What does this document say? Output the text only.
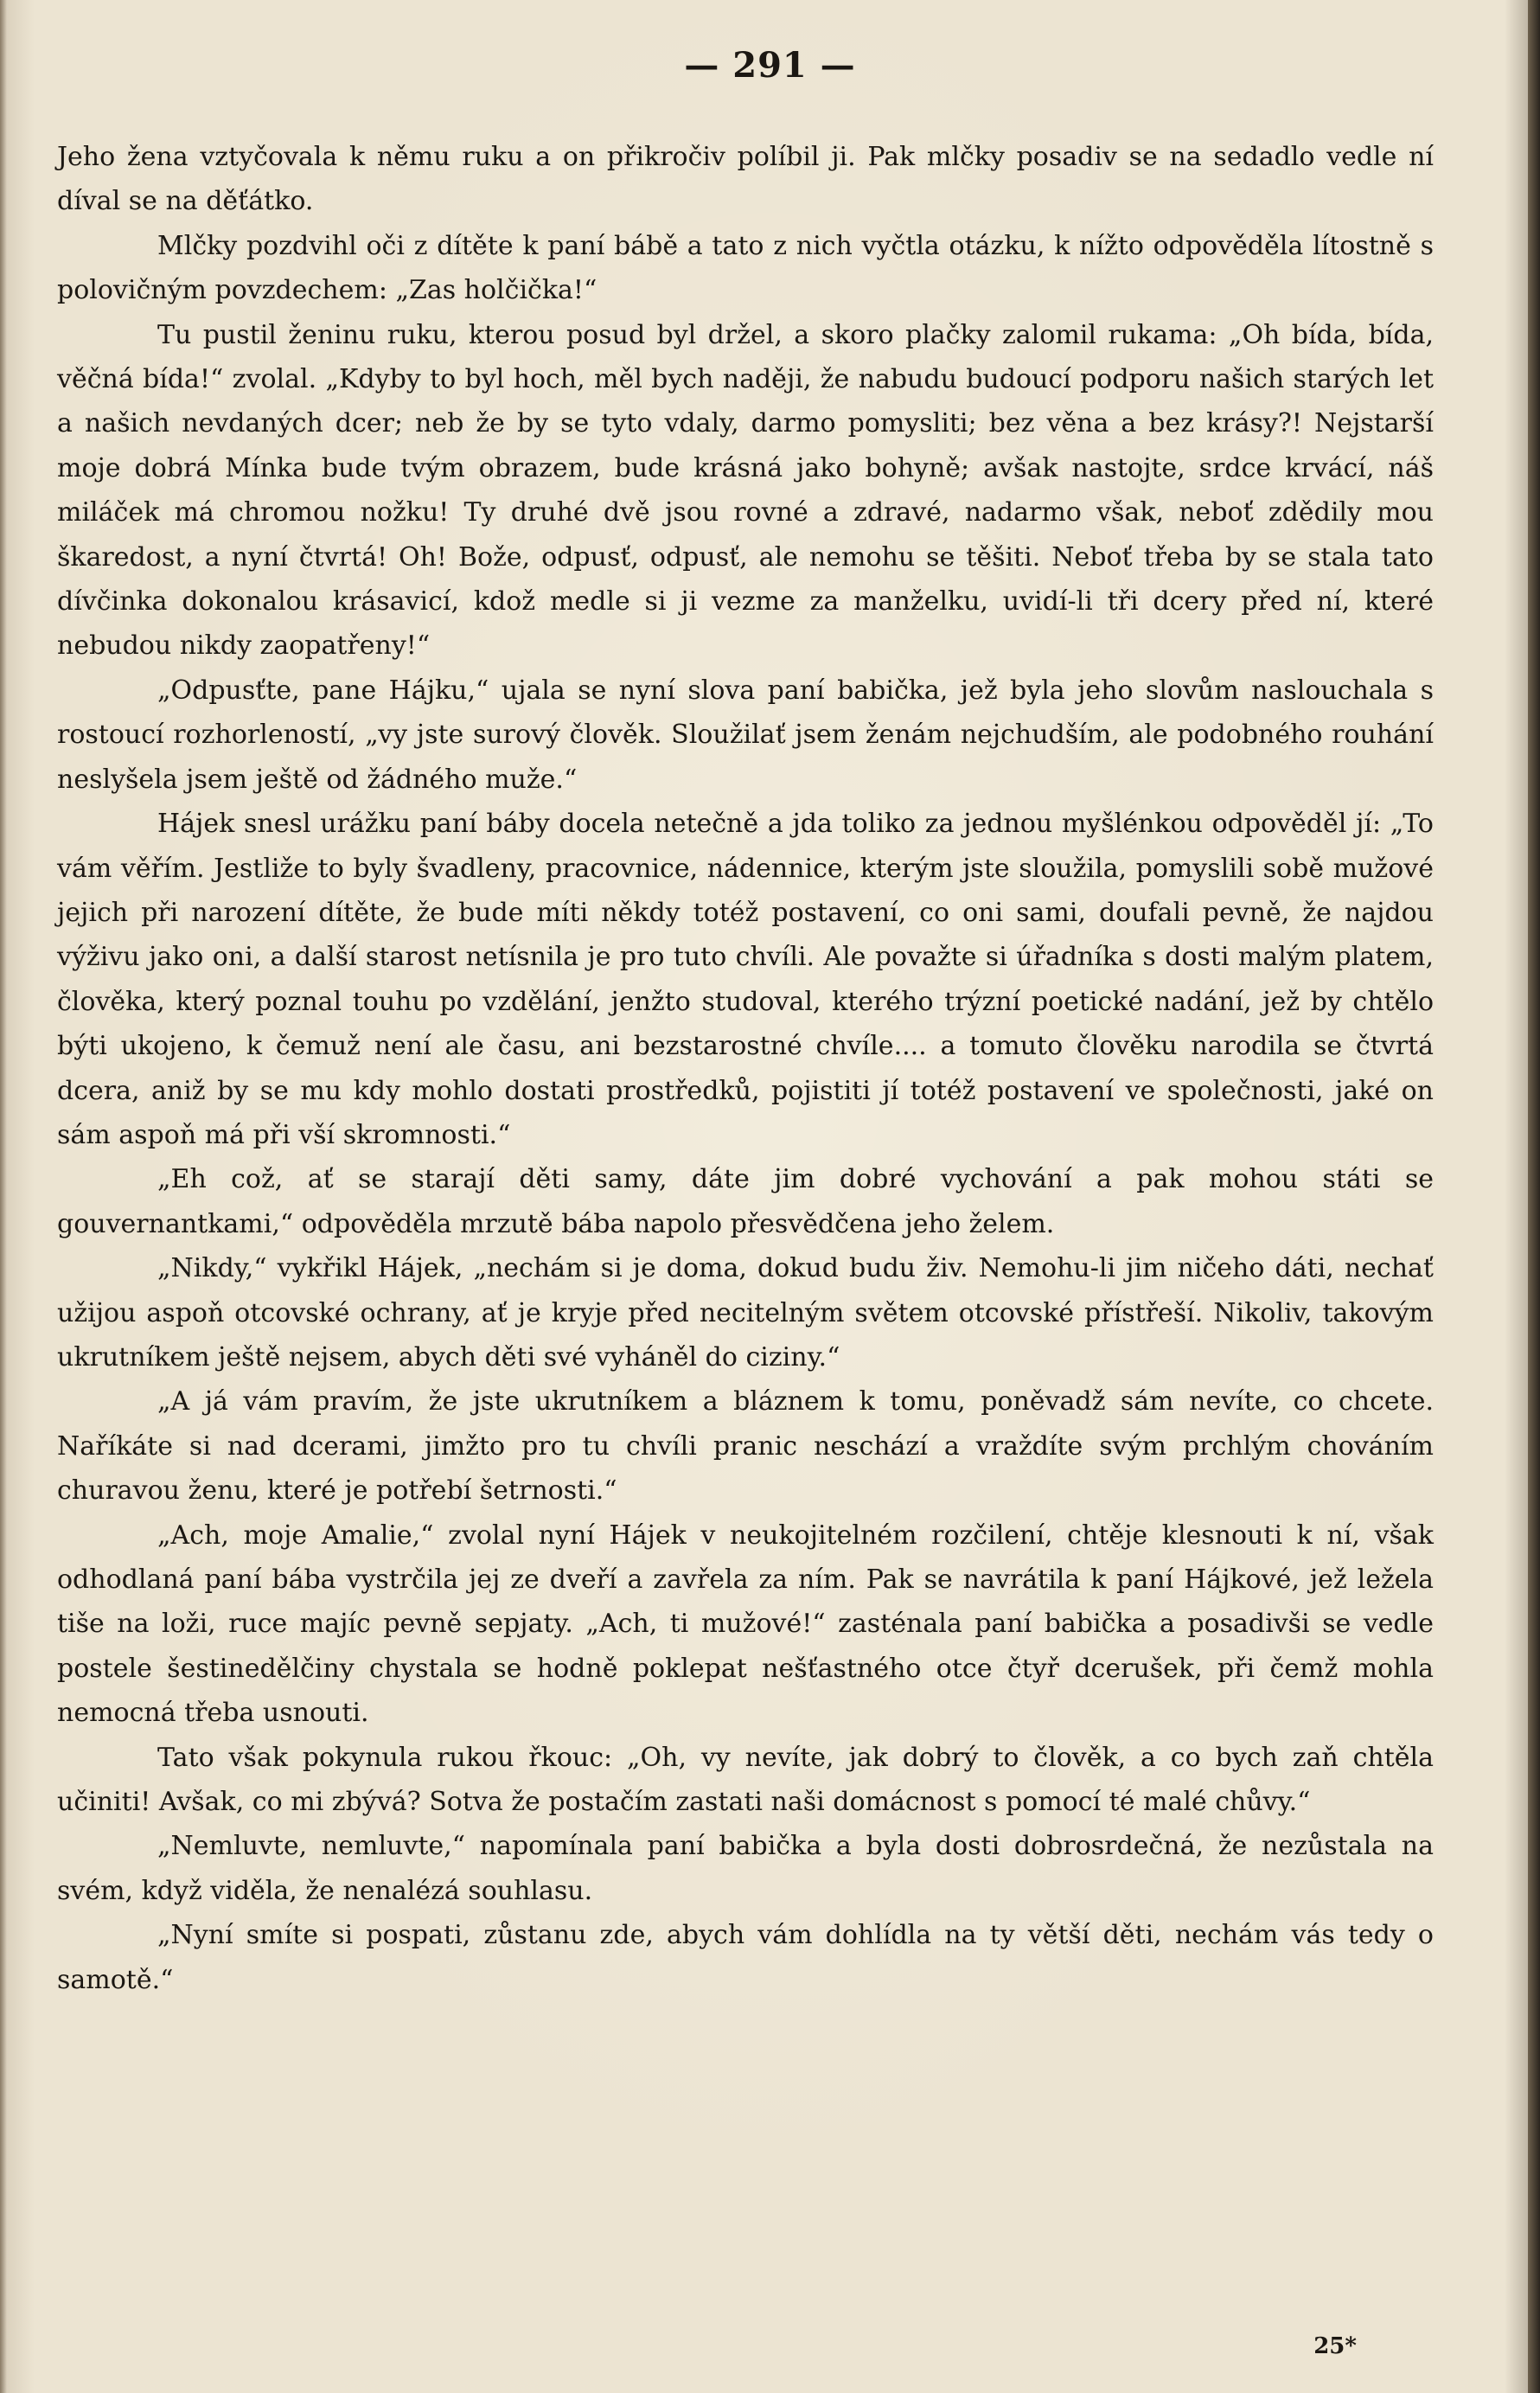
— 291 —

Jeho žena vztyčovala k němu ruku a on přikročiv políbil ji. Pak mlčky posadiv se na sedadlo vedle ní díval se na děťátko.

Mlčky pozdvihl oči z dítěte k paní bábě a tato z nich vyčtla otázku, k nížto odpověděla lítostně s polovičným povzdechem: „Zas holčička!“

Tu pustil ženinu ruku, kterou posud byl držel, a skoro plačky zalomil rukama: „Oh bída, bída, věčná bída!“ zvolal. „Kdyby to byl hoch, měl bych naději, že nabudu budoucí podporu našich starých let a našich nevdaných dcer; neb že by se tyto vdaly, darmo pomysliti; bez věna a bez krásy?! Nejstarší moje dobrá Mínka bude tvým obrazem, bude krásná jako bohyně; avšak nastojte, srdce krvácí, náš miláček má chromou nožku! Ty druhé dvě jsou rovné a zdravé, nadarmo však, neboť zdědily mou škaredost, a nyní čtvrtá! Oh! Bože, odpusť, odpusť, ale nemohu se těšiti. Neboť třeba by se stala tato dívčinka dokonalou krásavicí, kdož medle si ji vezme za manželku, uvidí-li tři dcery před ní, které nebudou nikdy zaopatřeny!“

„Odpusťte, pane Hájku,“ ujala se nyní slova paní babička, jež byla jeho slovům naslouchala s rostoucí rozhorleností, „vy jste surový člověk. Sloužilať jsem ženám nejchudším, ale podobného rouhání neslyšela jsem ještě od žádného muže.“

Hájek snesl urážku paní báby docela netečně a jda toliko za jednou myšlénkou odpověděl jí: „To vám věřím. Jestliže to byly švadleny, pracovnice, nádennice, kterým jste sloužila, pomyslili sobě mužové jejich při narození dítěte, že bude míti někdy totéž postavení, co oni sami, doufali pevně, že najdou výživu jako oni, a další starost netísnila je pro tuto chvíli. Ale považte si úřadníka s dosti malým platem, člověka, který poznal touhu po vzdělání, jenžto studoval, kterého trýzní poetické nadání, jež by chtělo býti ukojeno, k čemuž není ale času, ani bezstarostné chvíle.... a tomuto člověku narodila se čtvrtá dcera, aniž by se mu kdy mohlo dostati prostředků, pojistiti jí totéž postavení ve společnosti, jaké on sám aspoň má při vší skromnosti.“

„Eh což, ať se starají děti samy, dáte jim dobré vychování a pak mohou státi se gouvernantkami,“ odpověděla mrzutě bába napolo přesvědčena jeho želem.

„Nikdy,“ vykřikl Hájek, „nechám si je doma, dokud budu živ. Nemohu-li jim ničeho dáti, nechať užijou aspoň otcovské ochrany, ať je kryje před necitelným světem otcovské přístřeší. Nikoliv, takovým ukrutníkem ještě nejsem, abych děti své vyháněl do ciziny.“

„A já vám pravím, že jste ukrutníkem a bláznem k tomu, poněvadž sám nevíte, co chcete. Naříkáte si nad dcerami, jimžto pro tu chvíli pranic neschází a vraždíte svým prchlým chováním churavou ženu, které je potřebí šetrnosti.“

„Ach, moje Amalie,“ zvolal nyní Hájek v neukojitelném rozčilení, chtěje klesnouti k ní, však odhodlaná paní bába vystrčila jej ze dveří a zavřela za ním. Pak se navrátila k paní Hájkové, jež ležela tiše na loži, ruce majíc pevně sepjaty. „Ach, ti mužové!“ zasténala paní babička a posadivši se vedle postele šestinedělčiny chystala se hodně poklepat nešťastného otce čtyř dcerušek, při čemž mohla nemocná třeba usnouti.

Tato však pokynula rukou řkouc: „Oh, vy nevíte, jak dobrý to člověk, a co bych zaň chtěla učiniti! Avšak, co mi zbývá? Sotva že postačím zastati naši domácnost s pomocí té malé chůvy.“

„Nemluvte, nemluvte,“ napomínala paní babička a byla dosti dobrosrdečná, že nezůstala na svém, když viděla, že nenalézá souhlasu.

„Nyní smíte si pospati, zůstanu zde, abych vám dohlídla na ty větší děti, nechám vás tedy o samotě.“

25*
